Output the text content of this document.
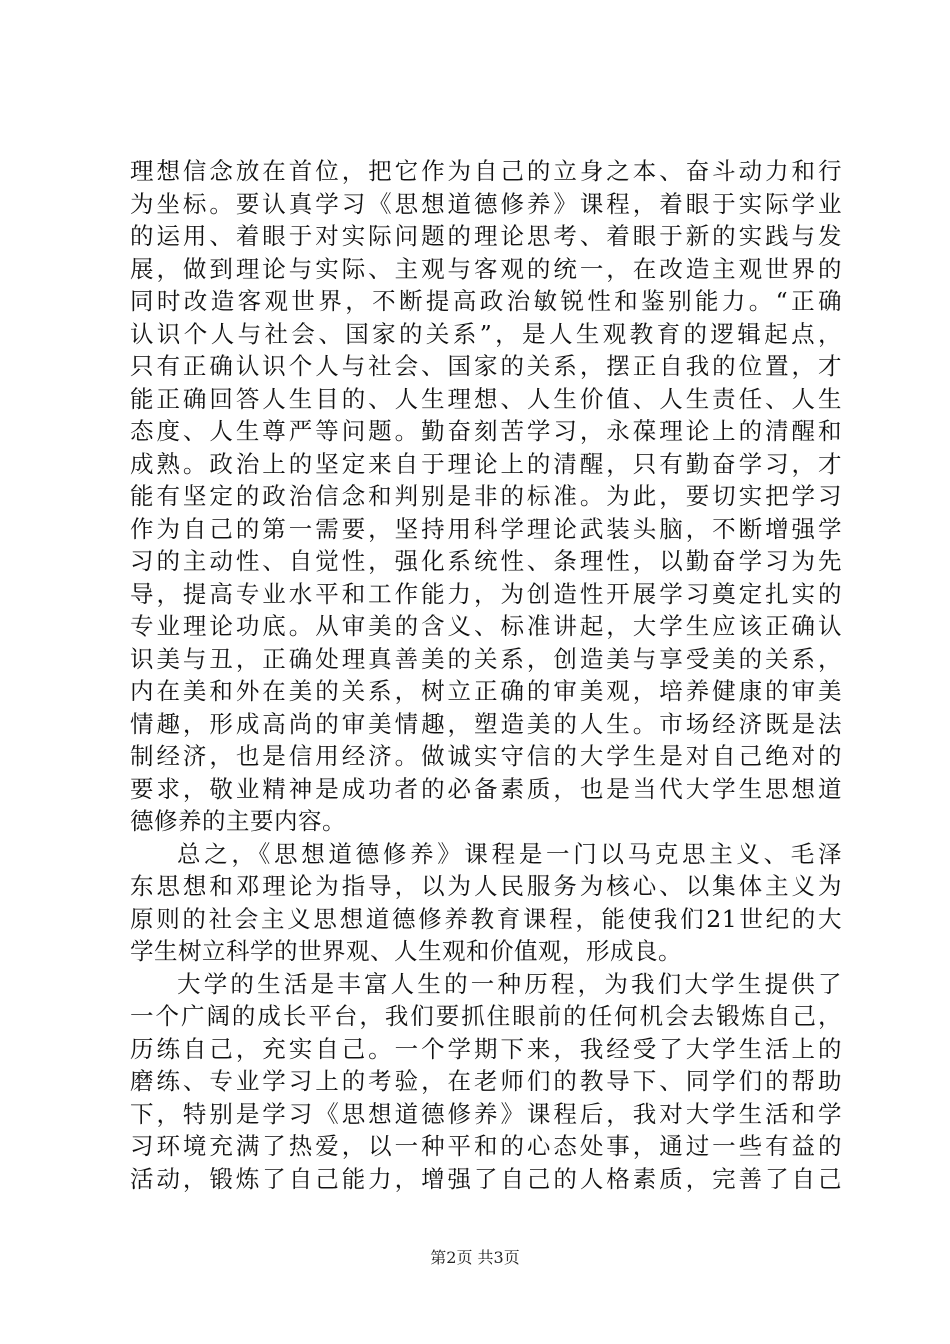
理想信念放在首位，把它作为自己的立身之本、奋斗动力和行
为坐标。要认真学习《思想道德修养》课程，着眼于实际学业
的运用、着眼于对实际问题的理论思考、着眼于新的实践与发
展，做到理论与实际、主观与客观的统一，在改造主观世界的
同时改造客观世界，不断提高政治敏锐性和鉴别能力。“正确
认识个人与社会、国家的关系”，是人生观教育的逻辑起点，
只有正确认识个人与社会、国家的关系，摆正自我的位置，才
能正确回答人生目的、人生理想、人生价值、人生责任、人生
态度、人生尊严等问题。勤奋刻苦学习，永葆理论上的清醒和
成熟。政治上的坚定来自于理论上的清醒，只有勤奋学习，才
能有坚定的政治信念和判别是非的标准。为此，要切实把学习
作为自己的第一需要，坚持用科学理论武装头脑，不断增强学
习的主动性、自觉性，强化系统性、条理性，以勤奋学习为先
导，提高专业水平和工作能力，为创造性开展学习奠定扎实的
专业理论功底。从审美的含义、标准讲起，大学生应该正确认
识美与丑，正确处理真善美的关系，创造美与享受美的关系，
内在美和外在美的关系，树立正确的审美观，培养健康的审美
情趣，形成高尚的审美情趣，塑造美的人生。市场经济既是法
制经济，也是信用经济。做诚实守信的大学生是对自己绝对的
要求，敬业精神是成功者的必备素质，也是当代大学生思想道
德修养的主要内容。
总之，《思想道德修养》课程是一门以马克思主义、毛泽
东思想和邓理论为指导，以为人民服务为核心、以集体主义为
原则的社会主义思想道德修养教育课程，能使我们21世纪的大
学生树立科学的世界观、人生观和价值观，形成良。
大学的生活是丰富人生的一种历程，为我们大学生提供了
一个广阔的成长平台，我们要抓住眼前的任何机会去锻炼自己，
历练自己，充实自己。一个学期下来，我经受了大学生活上的
磨练、专业学习上的考验，在老师们的教导下、同学们的帮助
下，特别是学习《思想道德修养》课程后，我对大学生活和学
习环境充满了热爱，以一种平和的心态处事，通过一些有益的
活动，锻炼了自己能力，增强了自己的人格素质，完善了自己
第2页 共3页
